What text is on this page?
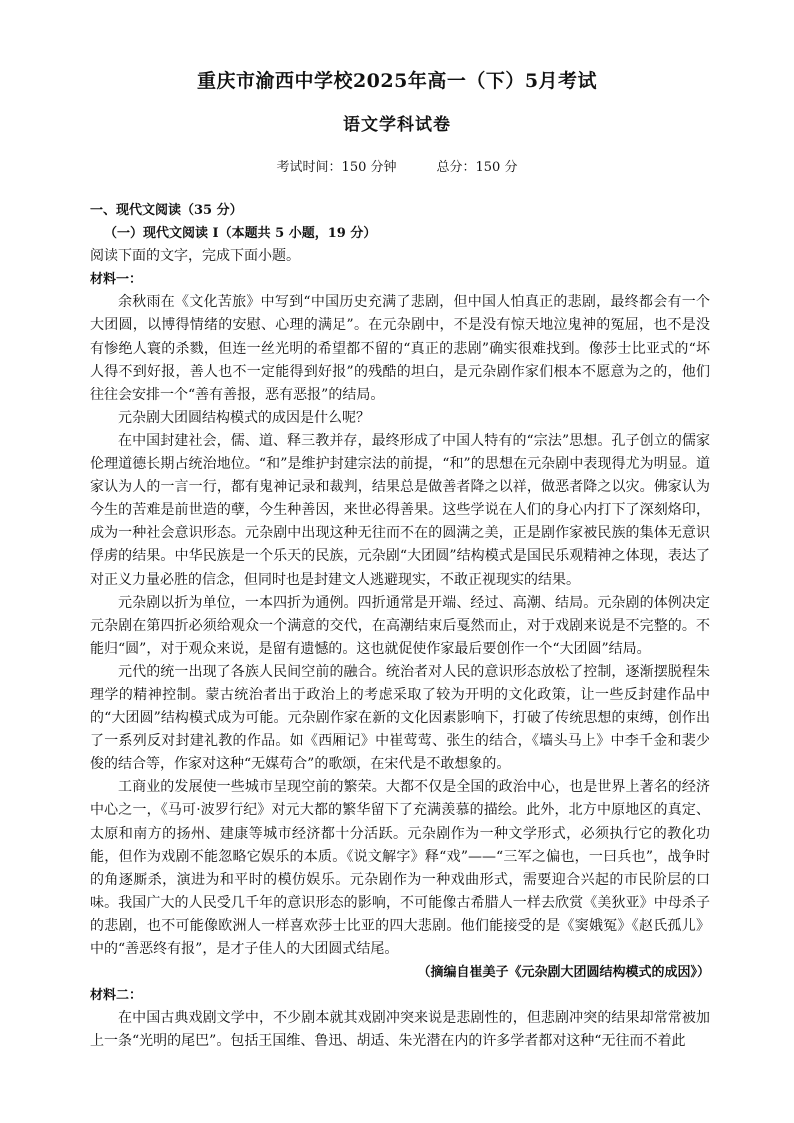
重庆市渝西中学校2025年高一（下）5月考试
语文学科试卷
考试时间：150 分钟	总分：150 分

一、现代文阅读（35 分）

（一）现代文阅读 I（本题共 5 小题，19 分）

阅读下面的文字，完成下面小题。

材料一：

余秋雨在《文化苦旅》中写到“中国历史充满了悲剧，但中国人怕真正的悲剧，最终都会有一个大团圆，以博得情绪的安慰、心理的满足”。在元杂剧中，不是没有惊天地泣鬼神的冤屈，也不是没有惨绝人寰的杀戮，但连一丝光明的希望都不留的“真正的悲剧”确实很难找到。像莎士比亚式的“坏人得不到好报，善人也不一定能得到好报”的残酷的坦白，是元杂剧作家们根本不愿意为之的，他们往往会安排一个“善有善报，恶有恶报”的结局。

元杂剧大团圆结构模式的成因是什么呢？

在中国封建社会，儒、道、释三教并存，最终形成了中国人特有的“宗法”思想。孔子创立的儒家伦理道德长期占统治地位。“和”是维护封建宗法的前提，“和”的思想在元杂剧中表现得尤为明显。道家认为人的一言一行，都有鬼神记录和裁判，结果总是做善者降之以祥，做恶者降之以灾。佛家认为今生的苦难是前世造的孽，今生种善因，来世必得善果。这些学说在人们的身心内打下了深刻烙印，成为一种社会意识形态。元杂剧中出现这种无往而不在的圆满之美，正是剧作家被民族的集体无意识俘虏的结果。中华民族是一个乐天的民族，元杂剧“大团圆”结构模式是国民乐观精神之体现，表达了对正义力量必胜的信念，但同时也是封建文人逃避现实，不敢正视现实的结果。

元杂剧以折为单位，一本四折为通例。四折通常是开端、经过、高潮、结局。元杂剧的体例决定元杂剧在第四折必须给观众一个满意的交代，在高潮结束后戛然而止，对于戏剧来说是不完整的。不能归“圆”，对于观众来说，是留有遗憾的。这也就促使作家最后要创作一个“大团圆”结局。

元代的统一出现了各族人民间空前的融合。统治者对人民的意识形态放松了控制，逐渐摆脱程朱理学的精神控制。蒙古统治者出于政治上的考虑采取了较为开明的文化政策，让一些反封建作品中的“大团圆”结构模式成为可能。元杂剧作家在新的文化因素影响下，打破了传统思想的束缚，创作出了一系列反对封建礼教的作品。如《西厢记》中崔莺莺、张生的结合，《墙头马上》中李千金和裴少俊的结合等，作家对这种“无媒苟合”的歌颂，在宋代是不敢想象的。

工商业的发展使一些城市呈现空前的繁荣。大都不仅是全国的政治中心，也是世界上著名的经济中心之一，《马可·波罗行纪》对元大都的繁华留下了充满羡慕的描绘。此外，北方中原地区的真定、太原和南方的扬州、建康等城市经济都十分活跃。元杂剧作为一种文学形式，必须执行它的教化功能，但作为戏剧不能忽略它娱乐的本质。《说文解字》释“戏”——“三军之偏也，一曰兵也”，战争时的角逐厮杀，演进为和平时的模仿娱乐。元杂剧作为一种戏曲形式，需要迎合兴起的市民阶层的口味。我国广大的人民受几千年的意识形态的影响，不可能像古希腊人一样去欣赏《美狄亚》中母杀子的悲剧，也不可能像欧洲人一样喜欢莎士比亚的四大悲剧。他们能接受的是《窦娥冤》《赵氏孤儿》中的“善恶终有报”，是才子佳人的大团圆式结尾。

（摘编自崔美子《元杂剧大团圆结构模式的成因》）

材料二：

在中国古典戏剧文学中，不少剧本就其戏剧冲突来说是悲剧性的，但悲剧冲突的结果却常常被加上一条“光明的尾巴”。包括王国维、鲁迅、胡适、朱光潜在内的许多学者都对这种“无往而不着此
